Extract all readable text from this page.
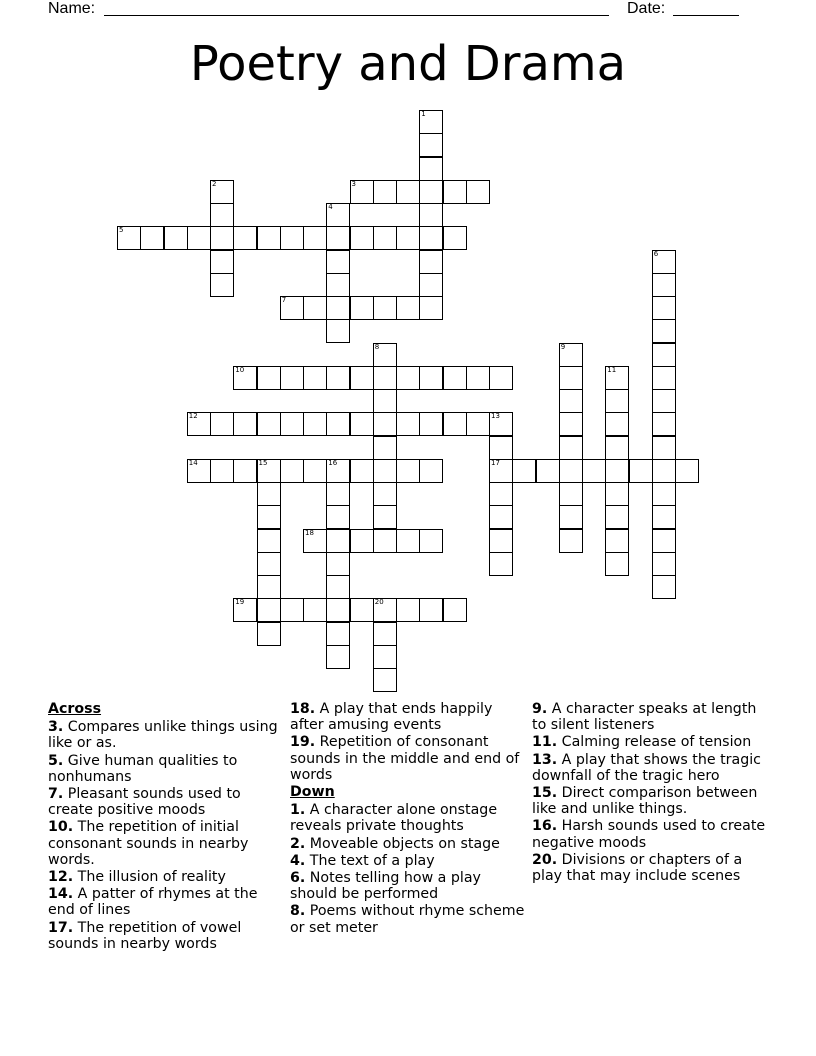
Name:	Date:
Poetry and Drama
1
2	3
4
5
6
7
8	9
10	11
12	13
17
14	15	16
18
19	20
Across
3. Compares unlike things using like or as.
5. Give human qualities to nonhumans
7. Pleasant sounds used to create positive moods
10. The repetition of initial consonant sounds in nearby words.
12. The illusion of reality
14. A patter of rhymes at the end of lines
17. The repetition of vowel sounds in nearby words
18. A play that ends happily after amusing events
19. Repetition of consonant sounds in the middle and end of words
Down
1. A character alone onstage reveals private thoughts
2. Moveable objects on stage
4. The text of a play
6. Notes telling how a play should be performed
8. Poems without rhyme scheme or set meter
9. A character speaks at length to silent listeners
11. Calming release of tension
13. A play that shows the tragic downfall of the tragic hero
15. Direct comparison between like and unlike things.
16. Harsh sounds used to create negative moods
20. Divisions or chapters of a play that may include scenes
